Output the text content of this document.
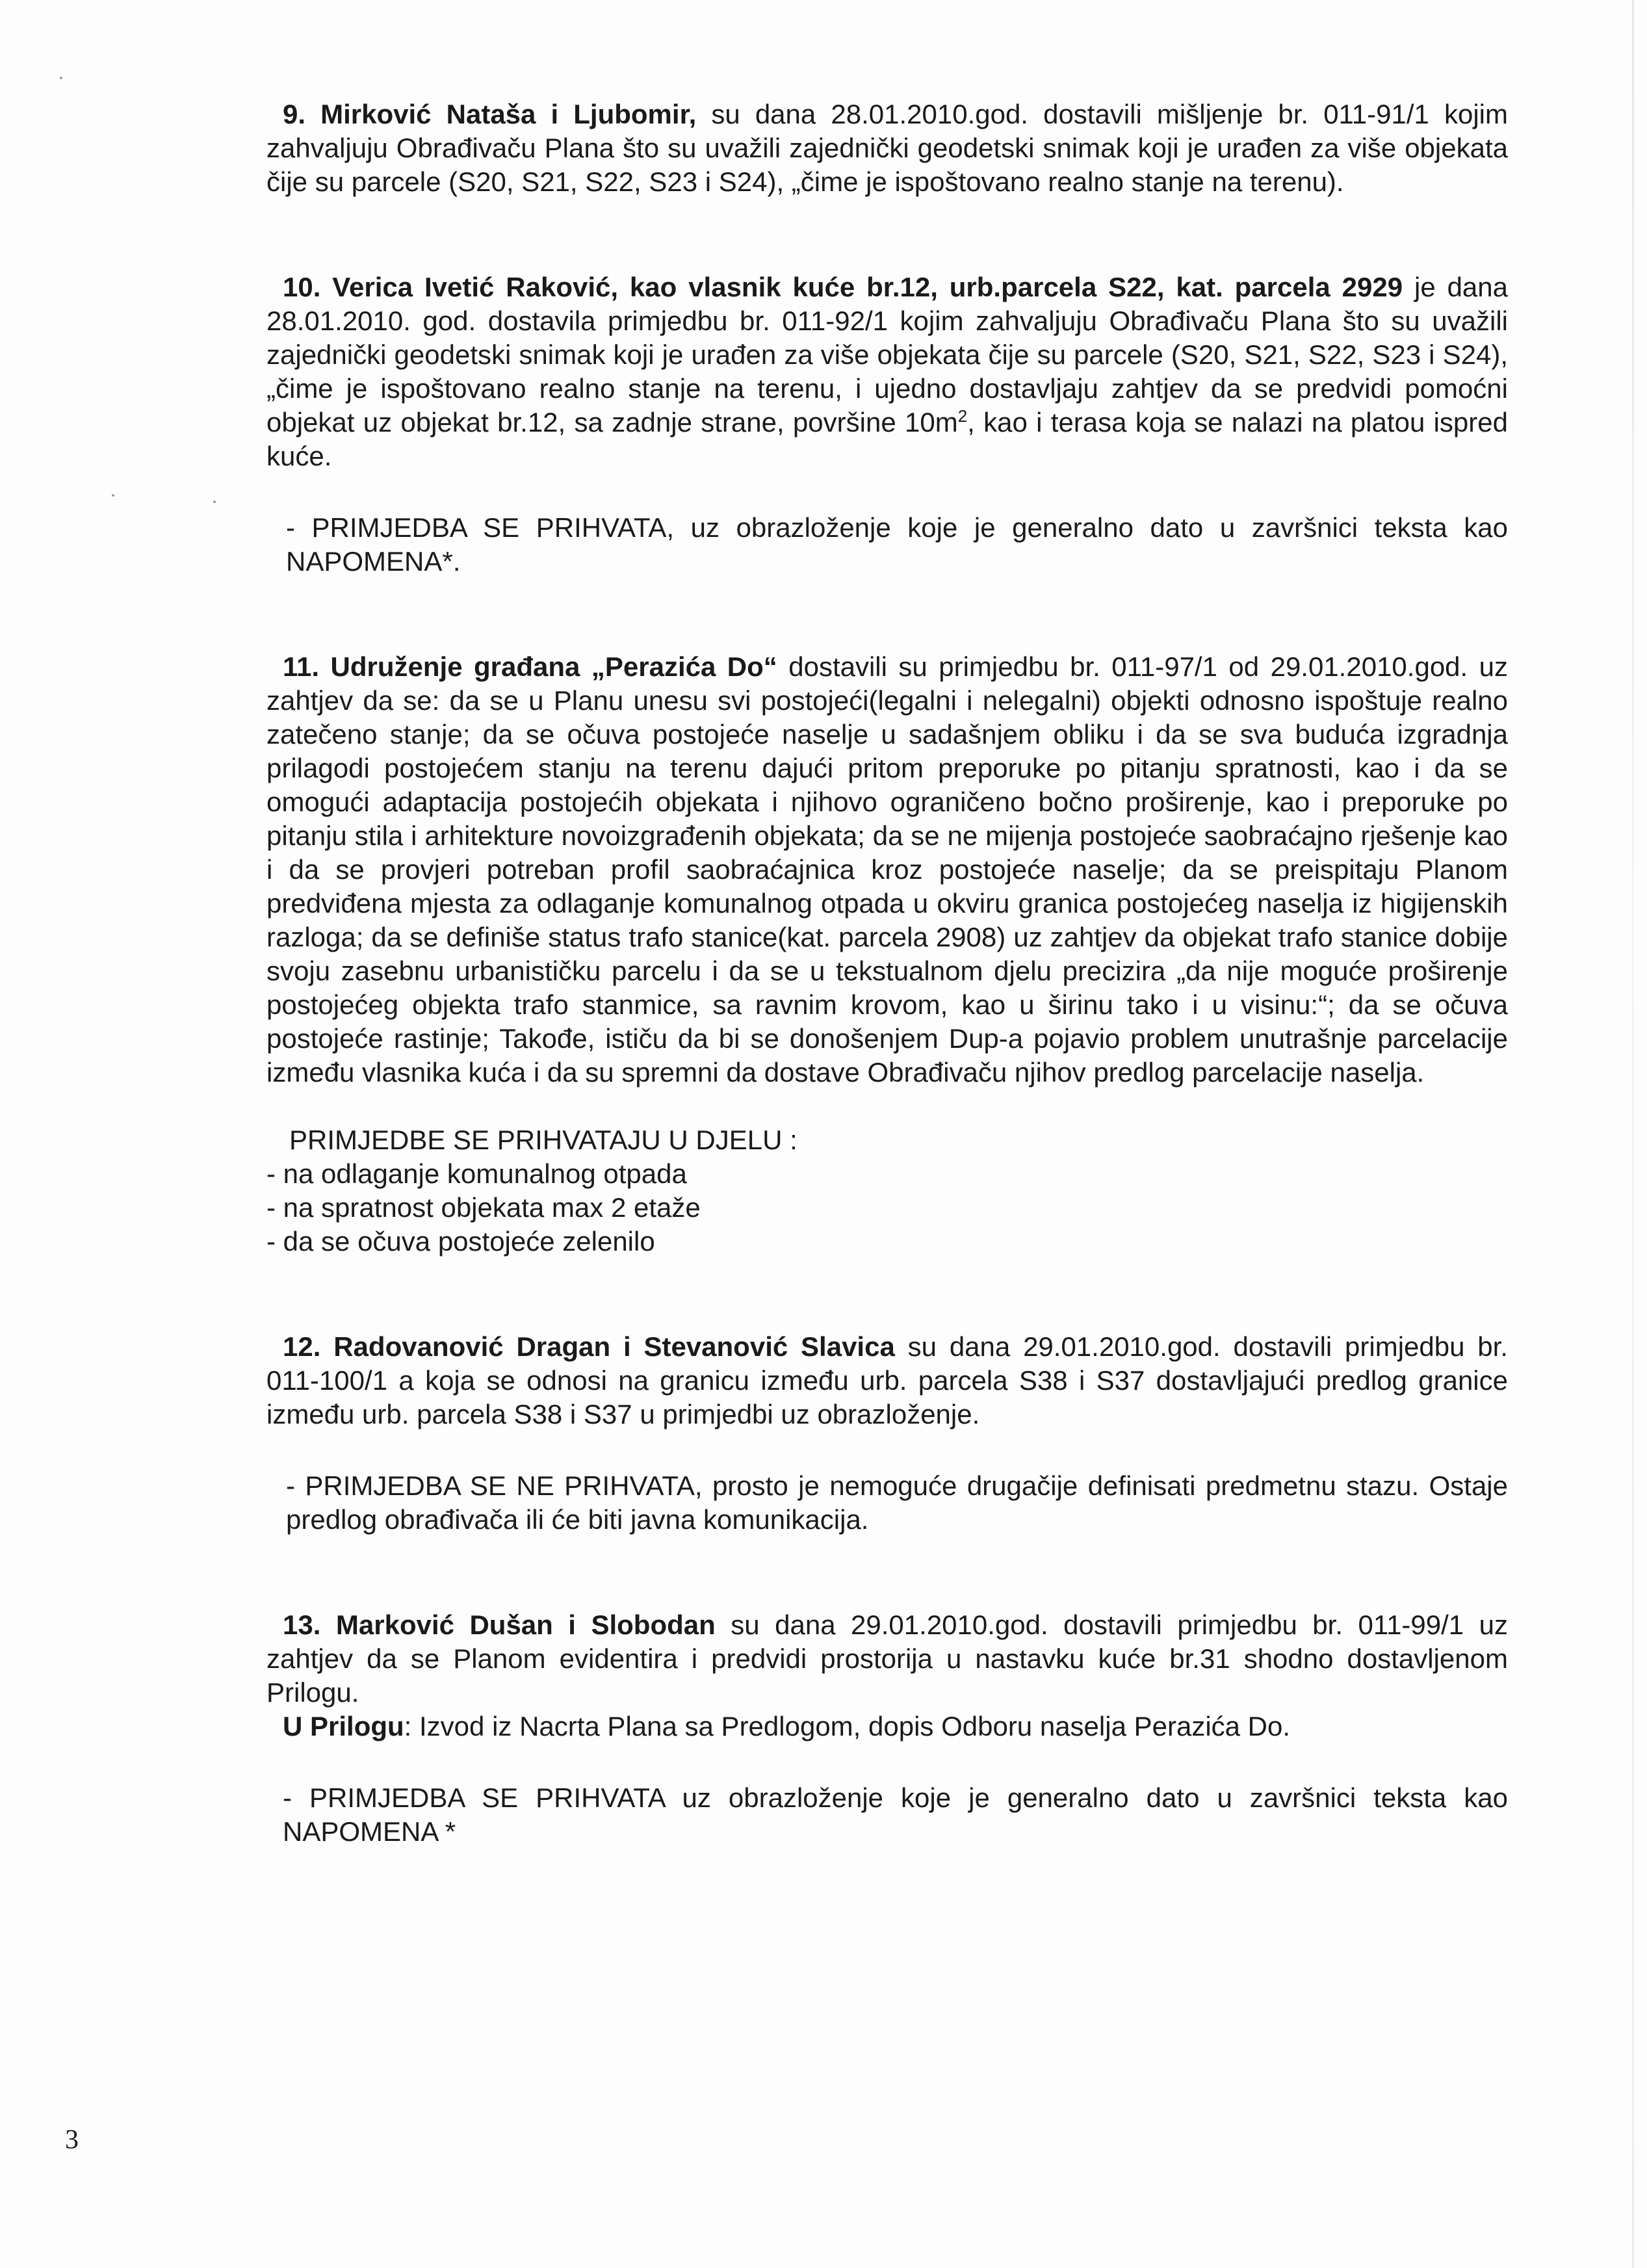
9. Mirković Nataša i Ljubomir, su dana 28.01.2010.god. dostavili mišljenje br. 011-91/1 kojim zahvaljuju Obrađivaču Plana što su uvažili zajednički geodetski snimak koji je urađen za više objekata čije su parcele (S20, S21, S22, S23 i S24), „čime je ispoštovano realno stanje na terenu).

10. Verica Ivetić Raković, kao vlasnik kuće br.12, urb.parcela S22, kat. parcela 2929 je dana 28.01.2010. god. dostavila primjedbu br. 011-92/1 kojim zahvaljuju Obrađivaču Plana što su uvažili zajednički geodetski snimak koji je urađen za više objekata čije su parcele (S20, S21, S22, S23 i S24), „čime je ispoštovano realno stanje na terenu, i ujedno dostavljaju zahtjev da se predvidi pomoćni objekat uz objekat br.12, sa zadnje strane, površine $10m^2$, kao i terasa koja se nalazi na platou ispred kuće.

- PRIMJEDBA SE PRIHVATA, uz obrazloženje koje je generalno dato u završnici teksta kao NAPOMENA*.

11. Udruženje građana „Perazića Do“ dostavili su primjedbu br. 011-97/1 od 29.01.2010.god. uz zahtjev da se: da se u Planu unesu svi postojeći(legalni i nelegalni) objekti odnosno ispoštuje realno zatečeno stanje; da se očuva postojeće naselje u sadašnjem obliku i da se sva buduća izgradnja prilagodi postojećem stanju na terenu dajući pritom preporuke po pitanju spratnosti, kao i da se omogući adaptacija postojećih objekata i njihovo ograničeno bočno proširenje, kao i preporuke po pitanju stila i arhitekture novoizgrađenih objekata; da se ne mijenja postojeće saobraćajno rješenje kao i da se provjeri potreban profil saobraćajnica kroz postojeće naselje; da se preispitaju Planom predviđena mjesta za odlaganje komunalnog otpada u okviru granica postojećeg naselja iz higijenskih razloga; da se definiše status trafo stanice(kat. parcela 2908) uz zahtjev da objekat trafo stanice dobije svoju zasebnu urbanističku parcelu i da se u tekstualnom djelu precizira „da nije moguće proširenje postojećeg objekta trafo stanmice, sa ravnim krovom, kao u širinu tako i u visinu:“; da se očuva postojeće rastinje; Takođe, ističu da bi se donošenjem Dup-a pojavio problem unutrašnje parcelacije između vlasnika kuća i da su spremni da dostave Obrađivaču njihov predlog parcelacije naselja.

PRIMJEDBE SE PRIHVATAJU U DJELU :

- na odlaganje komunalnog otpada

- na spratnost objekata max 2 etaže

- da se očuva postojeće zelenilo

12. Radovanović Dragan i Stevanović Slavica su dana 29.01.2010.god. dostavili primjedbu br. 011-100/1 a koja se odnosi na granicu između urb. parcela S38 i S37 dostavljajući predlog granice između urb. parcela S38 i S37 u primjedbi uz obrazloženje.

- PRIMJEDBA SE NE PRIHVATA, prosto je nemoguće drugačije definisati predmetnu stazu. Ostaje predlog obrađivača ili će biti javna komunikacija.

13. Marković Dušan i Slobodan su dana 29.01.2010.god. dostavili primjedbu br. 011-99/1 uz zahtjev da se Planom evidentira i predvidi prostorija u nastavku kuće br.31 shodno dostavljenom Prilogu.

U Prilogu: Izvod iz Nacrta Plana sa Predlogom, dopis Odboru naselja Perazića Do.

- PRIMJEDBA SE PRIHVATA uz obrazloženje koje je generalno dato u završnici teksta kao NAPOMENA *

3
